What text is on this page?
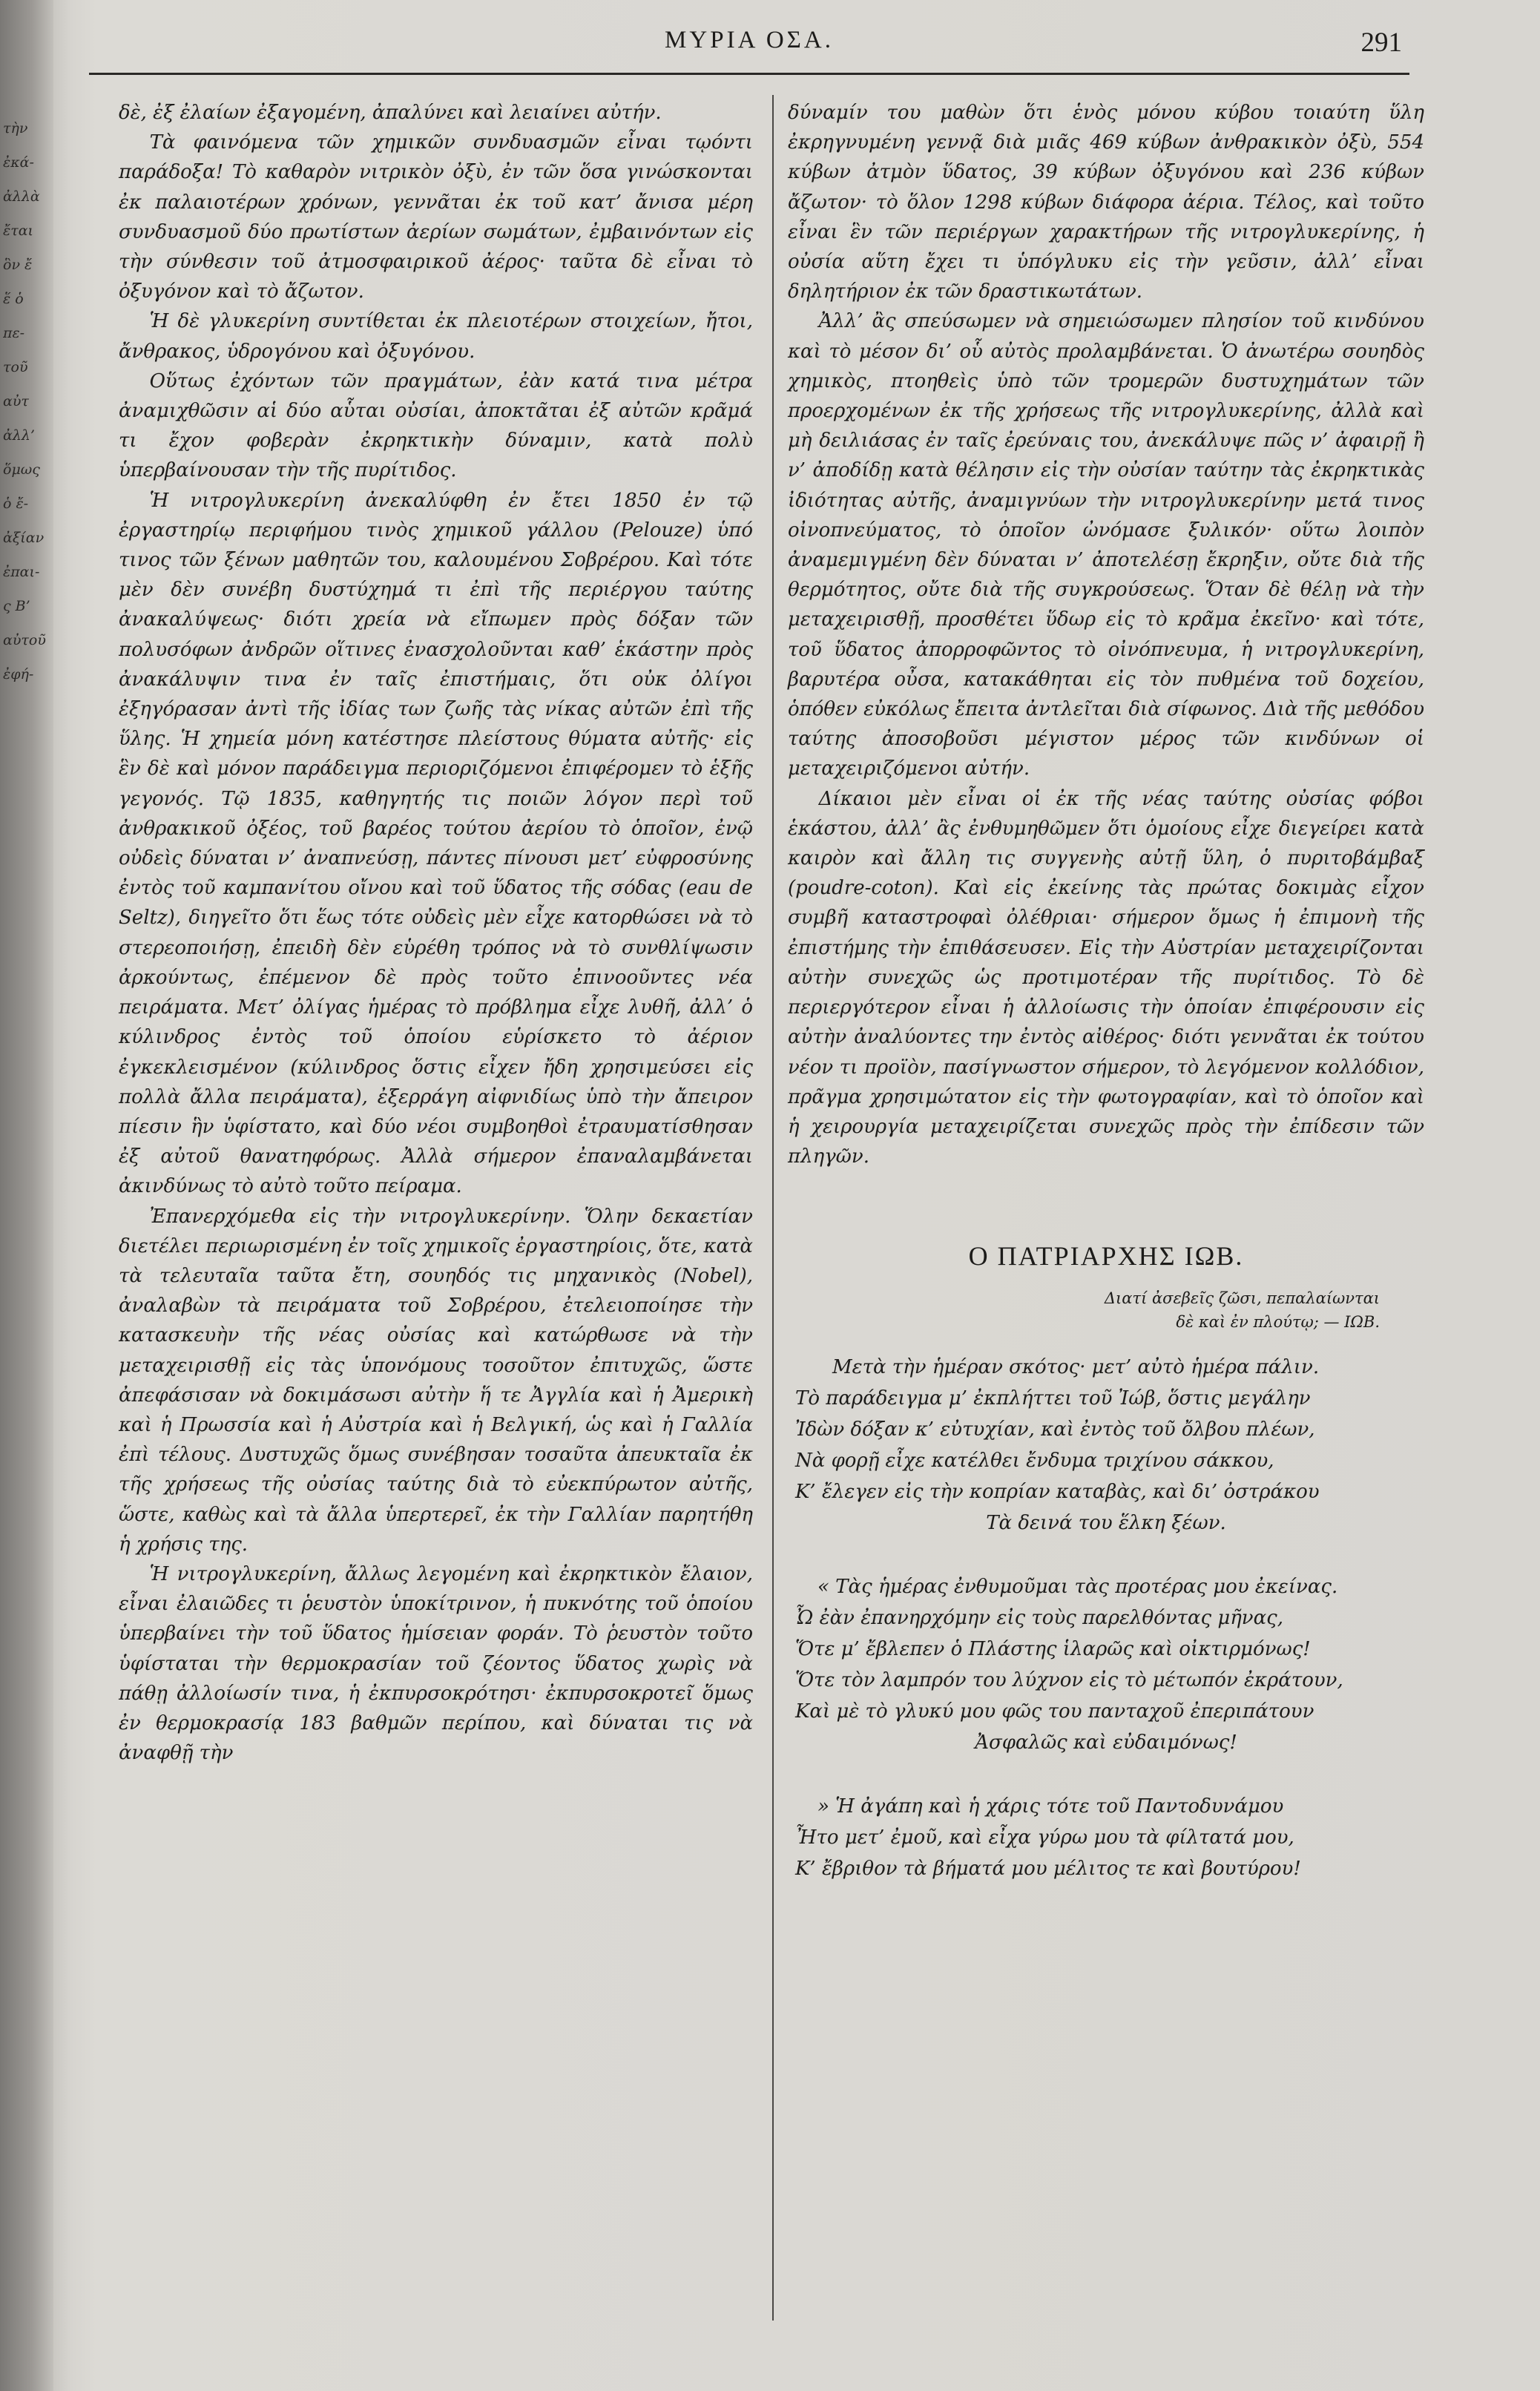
τὴν
ἐκά-
ἀλλὰ
ἔται
ὃν ἔ
ἕ ὁ
πε-
τοῦ
αὐτ
ἀλλ’
ὅμως
ὁ ἔ-
ἀξίαν
ἐπαι-
ς Β’
αὐτοῦ
ἐφή-
ΜΥΡΙΑ ΟΣΑ.	291

δὲ, ἐξ ἐλαίων ἐξαγομένη, ἀπαλύνει καὶ λειαίνει αὐτήν.

Τὰ φαινόμενα τῶν χημικῶν συνδυασμῶν εἶναι τῳόντι παράδοξα! Τὸ καθαρὸν νιτρικὸν ὀξὺ, ἐν τῶν ὅσα γινώσκονται ἐκ παλαιοτέρων χρόνων, γεννᾶται ἐκ τοῦ κατ’ ἄνισα μέρη συνδυασμοῦ δύο πρωτίστων ἀερίων σωμάτων, ἐμβαινόντων εἰς τὴν σύνθεσιν τοῦ ἀτμοσφαιρικοῦ ἀέρος· ταῦτα δὲ εἶναι τὸ ὀξυγόνον καὶ τὸ ἄζωτον.

Ἡ δὲ γλυκερίνη συντίθεται ἐκ πλειοτέρων στοιχείων, ἤτοι, ἄνθρακος, ὑδρογόνου καὶ ὀξυγόνου.

Οὕτως ἐχόντων τῶν πραγμάτων, ἐὰν κατά τινα μέτρα ἀναμιχθῶσιν αἱ δύο αὗται οὐσίαι, ἀποκτᾶται ἐξ αὐτῶν κρᾶμά τι ἔχον φοβερὰν ἐκρηκτικὴν δύναμιν, κατὰ πολὺ ὑπερβαίνουσαν τὴν τῆς πυρίτιδος.

Ἡ νιτρογλυκερίνη ἀνεκαλύφθη ἐν ἔτει 1850 ἐν τῷ ἐργαστηρίῳ περιφήμου τινὸς χημικοῦ γάλλου (Pelouze) ὑπό τινος τῶν ξένων μαθητῶν του, καλουμένου Σοβρέρου. Καὶ τότε μὲν δὲν συνέβη δυστύχημά τι ἐπὶ τῆς περιέργου ταύτης ἀνακαλύψεως· διότι χρεία νὰ εἴπωμεν πρὸς δόξαν τῶν πολυσόφων ἀνδρῶν οἵτινες ἐνασχολοῦνται καθ’ ἑκάστην πρὸς ἀνακάλυψιν τινα ἐν ταῖς ἐπιστήμαις, ὅτι οὐκ ὀλίγοι ἐξηγόρασαν ἀντὶ τῆς ἰδίας των ζωῆς τὰς νίκας αὐτῶν ἐπὶ τῆς ὕλης. Ἡ χημεία μόνη κατέστησε πλείστους θύματα αὐτῆς· εἰς ἓν δὲ καὶ μόνον παράδειγμα περιοριζόμενοι ἐπιφέρομεν τὸ ἑξῆς γεγονός. Τῷ 1835, καθηγητής τις ποιῶν λόγον περὶ τοῦ ἀνθρακικοῦ ὀξέος, τοῦ βαρέος τούτου ἀερίου τὸ ὁποῖον, ἐνῷ οὐδεὶς δύναται ν’ ἀναπνεύσῃ, πάντες πίνουσι μετ’ εὐφροσύνης ἐντὸς τοῦ καμπανίτου οἴνου καὶ τοῦ ὕδατος τῆς σόδας (eau de Seltz), διηγεῖτο ὅτι ἕως τότε οὐδεὶς μὲν εἶχε κατορθώσει νὰ τὸ στερεοποιήσῃ, ἐπειδὴ δὲν εὑρέθη τρόπος νὰ τὸ συνθλίψωσιν ἀρκούντως, ἐπέμενον δὲ πρὸς τοῦτο ἐπινοοῦντες νέα πειράματα. Μετ’ ὀλίγας ἡμέρας τὸ πρόβλημα εἶχε λυθῆ, ἀλλ’ ὁ κύλινδρος ἐντὸς τοῦ ὁποίου εὑρίσκετο τὸ ἀέριον ἐγκεκλεισμένον (κύλινδρος ὅστις εἶχεν ἤδη χρησιμεύσει εἰς πολλὰ ἄλλα πειράματα), ἐξερράγη αἰφνιδίως ὑπὸ τὴν ἄπειρον πίεσιν ἣν ὑφίστατο, καὶ δύο νέοι συμβοηθοὶ ἐτραυματίσθησαν ἐξ αὐτοῦ θανατηφόρως. Ἀλλὰ σήμερον ἐπαναλαμβάνεται ἀκινδύνως τὸ αὐτὸ τοῦτο πείραμα.

Ἐπανερχόμεθα εἰς τὴν νιτρογλυκερίνην. Ὅλην δεκαετίαν διετέλει περιωρισμένη ἐν τοῖς χημικοῖς ἐργαστηρίοις, ὅτε, κατὰ τὰ τελευταῖα ταῦτα ἔτη, σουηδός τις μηχανικὸς (Nobel), ἀναλαβὼν τὰ πειράματα τοῦ Σοβρέρου, ἐτελειοποίησε τὴν κατασκευὴν τῆς νέας οὐσίας καὶ κατώρθωσε νὰ τὴν μεταχειρισθῇ εἰς τὰς ὑπονόμους τοσοῦτον ἐπιτυχῶς, ὥστε ἀπεφάσισαν νὰ δοκιμάσωσι αὐτὴν ἥ τε Ἀγγλία καὶ ἡ Ἀμερικὴ καὶ ἡ Πρωσσία καὶ ἡ Αὐστρία καὶ ἡ Βελγική, ὡς καὶ ἡ Γαλλία ἐπὶ τέλους. Δυστυχῶς ὅμως συνέβησαν τοσαῦτα ἀπευκταῖα ἐκ τῆς χρήσεως τῆς οὐσίας ταύτης διὰ τὸ εὐεκπύρωτον αὐτῆς, ὥστε, καθὼς καὶ τὰ ἄλλα ὑπερτερεῖ, ἐκ τὴν Γαλλίαν παρητήθη ἡ χρήσις της.

Ἡ νιτρογλυκερίνη, ἄλλως λεγομένη καὶ ἐκρηκτικὸν ἔλαιον, εἶναι ἐλαιῶδες τι ῥευστὸν ὑποκίτρινον, ἡ πυκνότης τοῦ ὁποίου ὑπερβαίνει τὴν τοῦ ὕδατος ἡμίσειαν φοράν. Τὸ ῥευστὸν τοῦτο ὑφίσταται τὴν θερμοκρασίαν τοῦ ζέοντος ὕδατος χωρὶς νὰ πάθῃ ἀλλοίωσίν τινα, ἡ ἐκπυρσοκρότησι· ἐκπυρσοκροτεῖ ὅμως ἐν θερμοκρασίᾳ 183 βαθμῶν περίπου, καὶ δύναται τις νὰ ἀναφθῇ τὴν

δύναμίν του μαθὼν ὅτι ἑνὸς μόνου κύβου τοιαύτη ὕλη ἐκρηγνυμένη γεννᾷ διὰ μιᾶς 469 κύβων ἀνθρακικὸν ὀξὺ, 554 κύβων ἀτμὸν ὕδατος, 39 κύβων ὀξυγόνου καὶ 236 κύβων ἄζωτον· τὸ ὅλον 1298 κύβων διάφορα ἀέρια. Τέλος, καὶ τοῦτο εἶναι ἓν τῶν περιέργων χαρακτήρων τῆς νιτρογλυκερίνης, ἡ οὐσία αὕτη ἔχει τι ὑπόγλυκυ εἰς τὴν γεῦσιν, ἀλλ’ εἶναι δηλητήριον ἐκ τῶν δραστικωτάτων.

Ἀλλ’ ἂς σπεύσωμεν νὰ σημειώσωμεν πλησίον τοῦ κινδύνου καὶ τὸ μέσον δι’ οὗ αὐτὸς προλαμβάνεται. Ὁ ἀνωτέρω σουηδὸς χημικὸς, πτοηθεὶς ὑπὸ τῶν τρομερῶν δυστυχημάτων τῶν προερχομένων ἐκ τῆς χρήσεως τῆς νιτρογλυκερίνης, ἀλλὰ καὶ μὴ δειλιάσας ἐν ταῖς ἐρεύναις του, ἀνεκάλυψε πῶς ν’ ἀφαιρῇ ἢ ν’ ἀποδίδῃ κατὰ θέλησιν εἰς τὴν οὐσίαν ταύτην τὰς ἐκρηκτικὰς ἰδιότητας αὐτῆς, ἀναμιγνύων τὴν νιτρογλυκερίνην μετά τινος οἰνοπνεύματος, τὸ ὁποῖον ὠνόμασε ξυλικόν· οὕτω λοιπὸν ἀναμεμιγμένη δὲν δύναται ν’ ἀποτελέσῃ ἔκρηξιν, οὔτε διὰ τῆς θερμότητος, οὔτε διὰ τῆς συγκρούσεως. Ὅταν δὲ θέλῃ νὰ τὴν μεταχειρισθῇ, προσθέτει ὕδωρ εἰς τὸ κρᾶμα ἐκεῖνο· καὶ τότε, τοῦ ὕδατος ἀπορροφῶντος τὸ οἰνόπνευμα, ἡ νιτρογλυκερίνη, βαρυτέρα οὖσα, κατακάθηται εἰς τὸν πυθμένα τοῦ δοχείου, ὁπόθεν εὐκόλως ἔπειτα ἀντλεῖται διὰ σίφωνος. Διὰ τῆς μεθόδου ταύτης ἀποσοβοῦσι μέγιστον μέρος τῶν κινδύνων οἱ μεταχειριζόμενοι αὐτήν.

Δίκαιοι μὲν εἶναι οἱ ἐκ τῆς νέας ταύτης οὐσίας φόβοι ἑκάστου, ἀλλ’ ἂς ἐνθυμηθῶμεν ὅτι ὁμοίους εἶχε διεγείρει κατὰ καιρὸν καὶ ἄλλη τις συγγενὴς αὐτῇ ὕλη, ὁ πυριτοβάμβαξ (poudre-coton). Καὶ εἰς ἐκείνης τὰς πρώτας δοκιμὰς εἶχον συμβῆ καταστροφαὶ ὀλέθριαι· σήμερον ὅμως ἡ ἐπιμονὴ τῆς ἐπιστήμης τὴν ἐπιθάσευσεν. Εἰς τὴν Αὐστρίαν μεταχειρίζονται αὐτὴν συνεχῶς ὡς προτιμοτέραν τῆς πυρίτιδος. Τὸ δὲ περιεργότερον εἶναι ἡ ἀλλοίωσις τὴν ὁποίαν ἐπιφέρουσιν εἰς αὐτὴν ἀναλύοντες την ἐντὸς αἰθέρος· διότι γεννᾶται ἐκ τούτου νέον τι προϊὸν, πασίγνωστον σήμερον, τὸ λεγόμενον κολλόδιον, πρᾶγμα χρησιμώτατον εἰς τὴν φωτογραφίαν, καὶ τὸ ὁποῖον καὶ ἡ χειρουργία μεταχειρίζεται συνεχῶς πρὸς τὴν ἐπίδεσιν τῶν πληγῶν.

Ο ΠΑΤΡΙΑΡΧΗΣ ΙΩΒ.
Διατί ἀσεβεῖς ζῶσι, πεπαλαίωνται
δὲ καὶ ἐν πλούτῳ; — ΙΩΒ.
Μετὰ τὴν ἡμέραν σκότος· μετ’ αὐτὸ ἡμέρα πάλιν.
Τὸ παράδειγμα μ’ ἐκπλήττει τοῦ Ἰώβ, ὅστις μεγάλην
Ἰδὼν δόξαν κ’ εὐτυχίαν, καὶ ἐντὸς τοῦ ὄλβου πλέων,
Νὰ φορῇ εἶχε κατέλθει ἔνδυμα τριχίνου σάκκου,
Κ’ ἔλεγεν εἰς τὴν κοπρίαν καταβὰς, καὶ δι’ ὀστράκου
Τὰ δεινά του ἕλκη ξέων.
« Τὰς ἡμέρας ἐνθυμοῦμαι τὰς προτέρας μου ἐκείνας.
Ὦ ἐὰν ἐπανηρχόμην εἰς τοὺς παρελθόντας μῆνας,
Ὅτε μ’ ἔβλεπεν ὁ Πλάστης ἱλαρῶς καὶ οἰκτιρμόνως!
Ὅτε τὸν λαμπρόν του λύχνον εἰς τὸ μέτωπόν ἐκράτουν,
Καὶ μὲ τὸ γλυκύ μου φῶς του πανταχοῦ ἐπεριπάτουν
Ἀσφαλῶς καὶ εὐδαιμόνως!
» Ἡ ἀγάπη καὶ ἡ χάρις τότε τοῦ Παντοδυνάμου
Ἦτο μετ’ ἐμοῦ, καὶ εἶχα γύρω μου τὰ φίλτατά μου,
Κ’ ἔβριθον τὰ βήματά μου μέλιτος τε καὶ βουτύρου!
